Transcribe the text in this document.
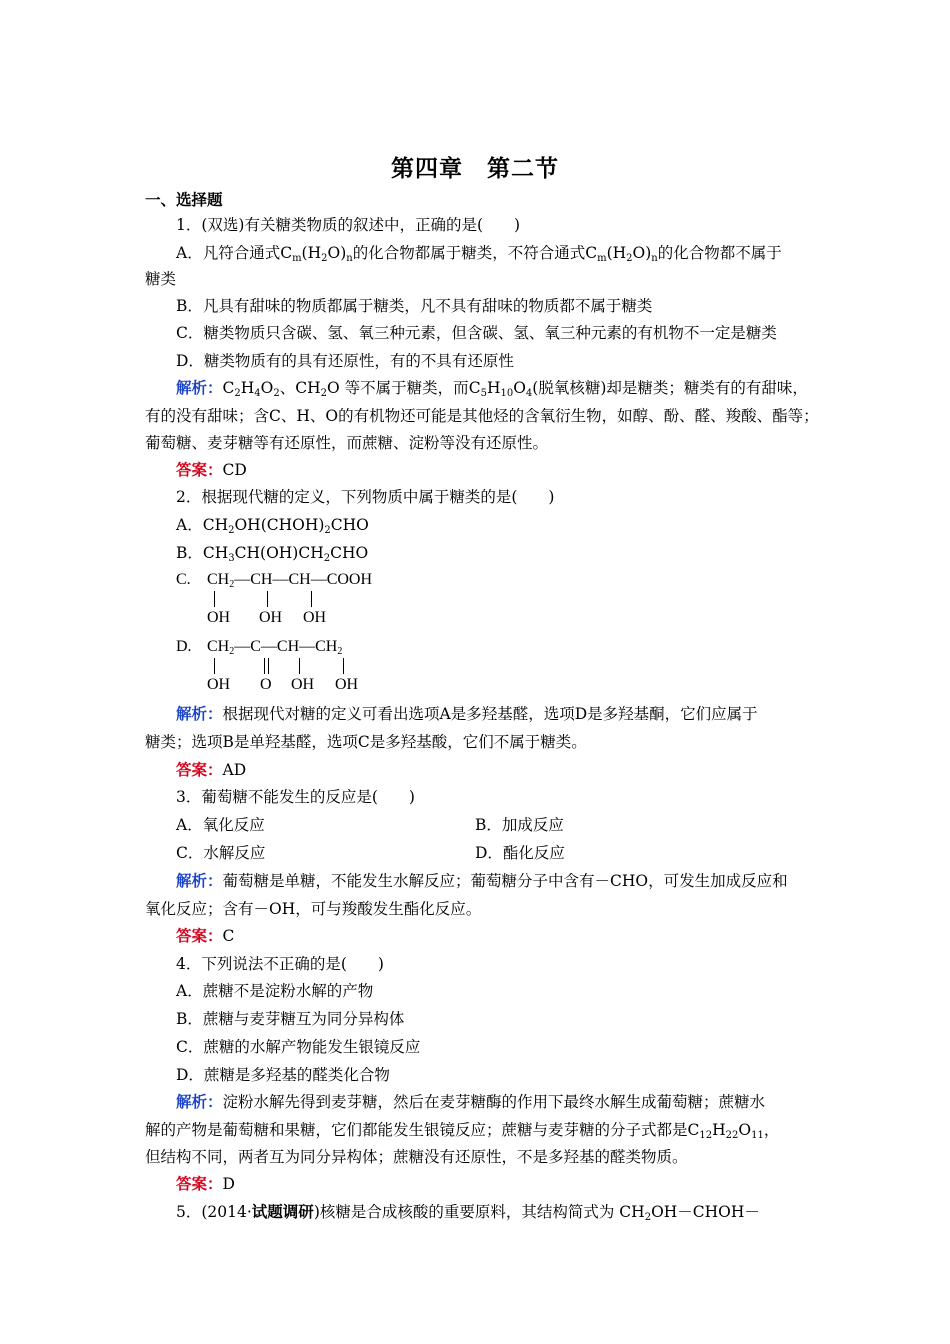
第四章　第二节
一、选择题
1．(双选)有关糖类物质的叙述中，正确的是(　　)
A．凡符合通式$C_m(H_2O)_n$的化合物都属于糖类，不符合通式$C_m(H_2O)_n$的化合物都不属于
糖类
B．凡具有甜味的物质都属于糖类，凡不具有甜味的物质都不属于糖类
C．糖类物质只含碳、氢、氧三种元素，但含碳、氢、氧三种元素的有机物不一定是糖类
D．糖类物质有的具有还原性，有的不具有还原性
解析：$C_2H_4O_2$、$CH_2O$ 等不属于糖类，而$C_5H_{10}O_4$(脱氧核糖)却是糖类；糖类有的有甜味，
有的没有甜味；含C、H、O的有机物还可能是其他烃的含氧衍生物，如醇、酚、醛、羧酸、酯等；
葡萄糖、麦芽糖等有还原性，而蔗糖、淀粉等没有还原性。
答案：CD
2．根据现代糖的定义，下列物质中属于糖类的是(　　)
A．$CH_2OH(CHOH)_2CHO$
B．$CH_3CH(OH)CH_2CHO$
C. $CH_2—CH—CH—COOH$
OH OH OH
D. $CH_2—C—CH—CH_2$
OH O OH OH
解析：根据现代对糖的定义可看出选项A是多羟基醛，选项D是多羟基酮，它们应属于
糖类；选项B是单羟基醛，选项C是多羟基酸，它们不属于糖类。
答案：AD
3．葡萄糖不能发生的反应是(　　)
A．氧化反应	B．加成反应
C．水解反应	D．酯化反应
解析：葡萄糖是单糖，不能发生水解反应；葡萄糖分子中含有－CHO，可发生加成反应和
氧化反应；含有－OH，可与羧酸发生酯化反应。
答案：C
4．下列说法不正确的是(　　)
A．蔗糖不是淀粉水解的产物
B．蔗糖与麦芽糖互为同分异构体
C．蔗糖的水解产物能发生银镜反应
D．蔗糖是多羟基的醛类化合物
解析：淀粉水解先得到麦芽糖，然后在麦芽糖酶的作用下最终水解生成葡萄糖；蔗糖水
解的产物是葡萄糖和果糖，它们都能发生银镜反应；蔗糖与麦芽糖的分子式都是$C_{12}H_{22}O_{11}$，
但结构不同，两者互为同分异构体；蔗糖没有还原性，不是多羟基的醛类物质。
答案：D
5．(2014·试题调研)核糖是合成核酸的重要原料，其结构简式为 $CH_2OH-CHOH-$
